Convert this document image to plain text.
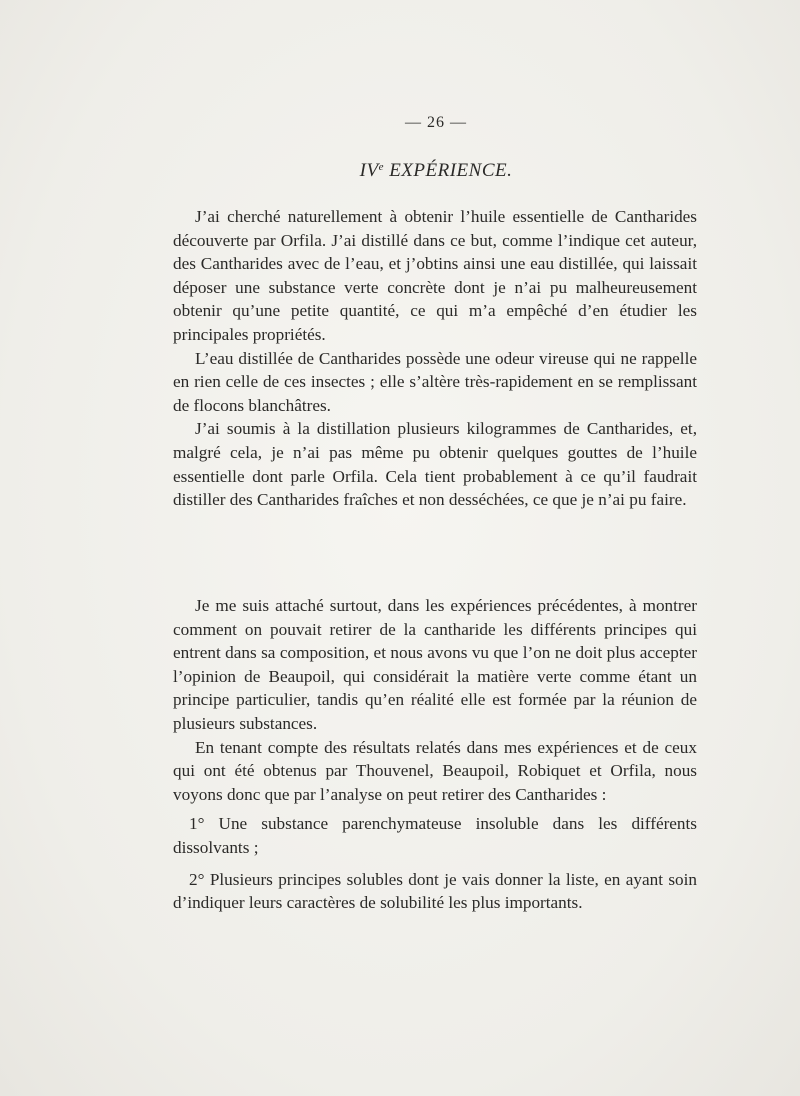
— 26 —
IVe EXPÉRIENCE.

J’ai cherché naturellement à obtenir l’huile essentielle de Cantharides découverte par Orfila. J’ai distillé dans ce but, comme l’indique cet auteur, des Cantharides avec de l’eau, et j’obtins ainsi une eau distillée, qui laissait déposer une substance verte concrète dont je n’ai pu malheureusement obtenir qu’une petite quantité, ce qui m’a empêché d’en étudier les principales propriétés.

L’eau distillée de Cantharides possède une odeur vireuse qui ne rappelle en rien celle de ces insectes ; elle s’altère très-rapidement en se remplissant de flocons blanchâtres.

J’ai soumis à la distillation plusieurs kilogrammes de Cantharides, et, malgré cela, je n’ai pas même pu obtenir quelques gouttes de l’huile essentielle dont parle Orfila. Cela tient probablement à ce qu’il faudrait distiller des Cantharides fraîches et non desséchées, ce que je n’ai pu faire.

Je me suis attaché surtout, dans les expériences précédentes, à montrer comment on pouvait retirer de la cantharide les différents principes qui entrent dans sa composition, et nous avons vu que l’on ne doit plus accepter l’opinion de Beaupoil, qui considérait la matière verte comme étant un principe particulier, tandis qu’en réalité elle est formée par la réunion de plusieurs substances.

En tenant compte des résultats relatés dans mes expériences et de ceux qui ont été obtenus par Thouvenel, Beaupoil, Robiquet et Orfila, nous voyons donc que par l’analyse on peut retirer des Cantharides :

1° Une substance parenchymateuse insoluble dans les différents dissolvants ;

2° Plusieurs principes solubles dont je vais donner la liste, en ayant soin d’indiquer leurs caractères de solubilité les plus importants.
